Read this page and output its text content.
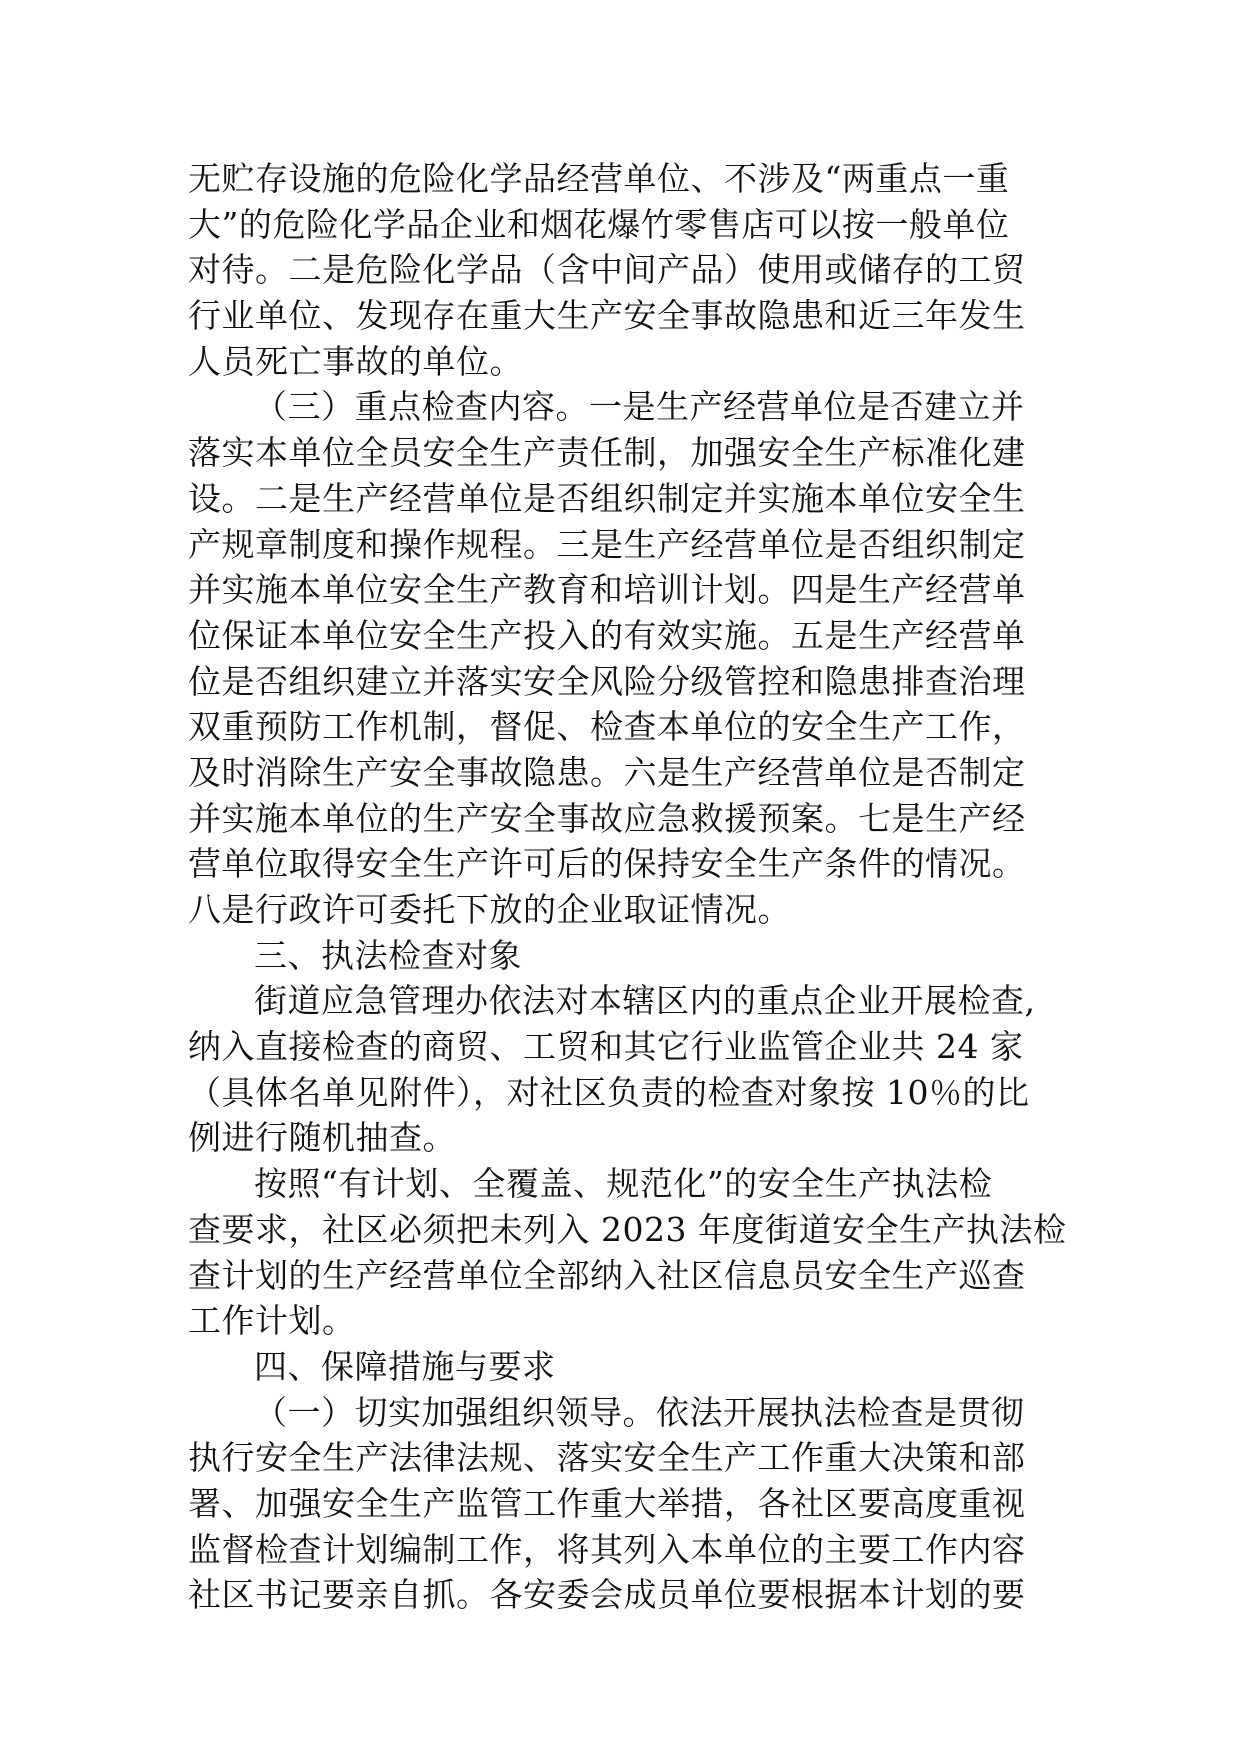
无贮存设施的危险化学品经营单位、不涉及“两重点一重
大”的危险化学品企业和烟花爆竹零售店可以按一般单位
对待。二是危险化学品（含中间产品）使用或储存的工贸
行业单位、发现存在重大生产安全事故隐患和近三年发生
人员死亡事故的单位。
（三）重点检查内容。一是生产经营单位是否建立并
落实本单位全员安全生产责任制，加强安全生产标准化建
设。二是生产经营单位是否组织制定并实施本单位安全生
产规章制度和操作规程。三是生产经营单位是否组织制定
并实施本单位安全生产教育和培训计划。四是生产经营单
位保证本单位安全生产投入的有效实施。五是生产经营单
位是否组织建立并落实安全风险分级管控和隐患排查治理
双重预防工作机制，督促、检查本单位的安全生产工作，
及时消除生产安全事故隐患。六是生产经营单位是否制定
并实施本单位的生产安全事故应急救援预案。七是生产经
营单位取得安全生产许可后的保持安全生产条件的情况。
八是行政许可委托下放的企业取证情况。
三、执法检查对象
街道应急管理办依法对本辖区内的重点企业开展检查,
纳入直接检查的商贸、工贸和其它行业监管企业共 24 家
（具体名单见附件），对社区负责的检查对象按 10％的比
例进行随机抽查。
按照“有计划、全覆盖、规范化”的安全生产执法检
查要求，社区必须把未列入 2023 年度街道安全生产执法检
查计划的生产经营单位全部纳入社区信息员安全生产巡查
工作计划。
四、保障措施与要求
（一）切实加强组织领导。依法开展执法检查是贯彻
执行安全生产法律法规、落实安全生产工作重大决策和部
署、加强安全生产监管工作重大举措，各社区要高度重视
监督检查计划编制工作，将其列入本单位的主要工作内容
社区书记要亲自抓。各安委会成员单位要根据本计划的要
